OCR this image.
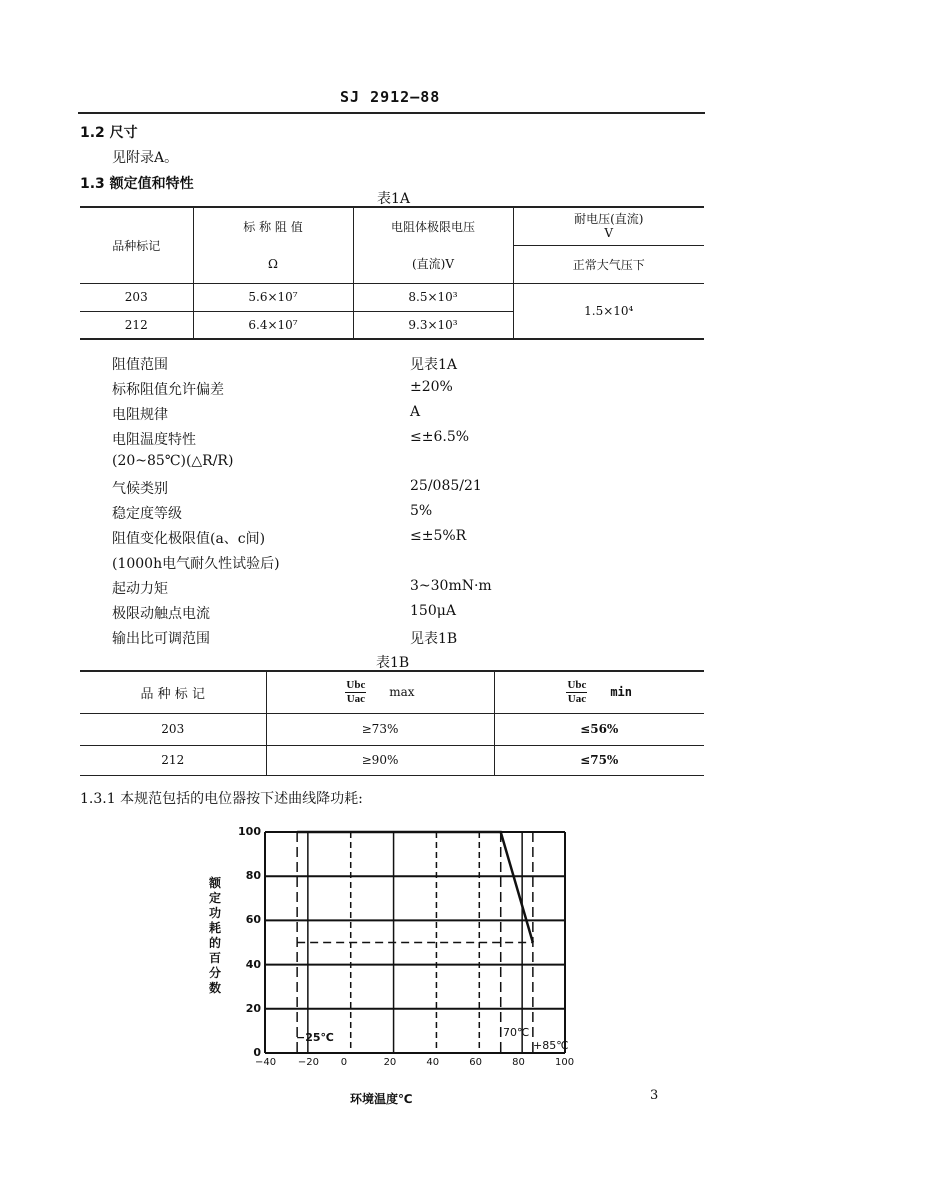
SJ 2912—88
1.2 尺寸
见附录A。
1.3 额定值和特性
表1A
品种标记	标 称 阻 值	电阻体极限电压	耐电压(直流)
V

	Ω	(直流)V	正常大气压下
203	5.6×10⁷	8.5×10³	1.5×10⁴
212	6.4×10⁷	9.3×10³	
阻值范围	见表1A
标称阻值允许偏差	±20%
电阻规律	A
电阻温度特性	≤±6.5%
(20~85℃)(△R/R)
气候类别	25/085/21
稳定度等级	5%
阻值变化极限值(a、c间)	≤±5%R
(1000h电气耐久性试验后)
起动力矩	3~30mN·m
极限动触点电流	150μA
输出比可调范围	见表1B
表1B
品 种 标 记	$\frac{\text{Ubc}}{\text{Uac}}$ max	$\frac{\text{Ubc}}{\text{Uac}}$ min
203	≥73%	≤56%
212	≥90%	≤75%
1.3.1 本规范包括的电位器按下述曲线降功耗:
额定功耗的百分数
0
20
40
60
80
100
−40 −20 0	20	40	60	80	100
−25℃	70℃
+85℃
环境温度℃	3
